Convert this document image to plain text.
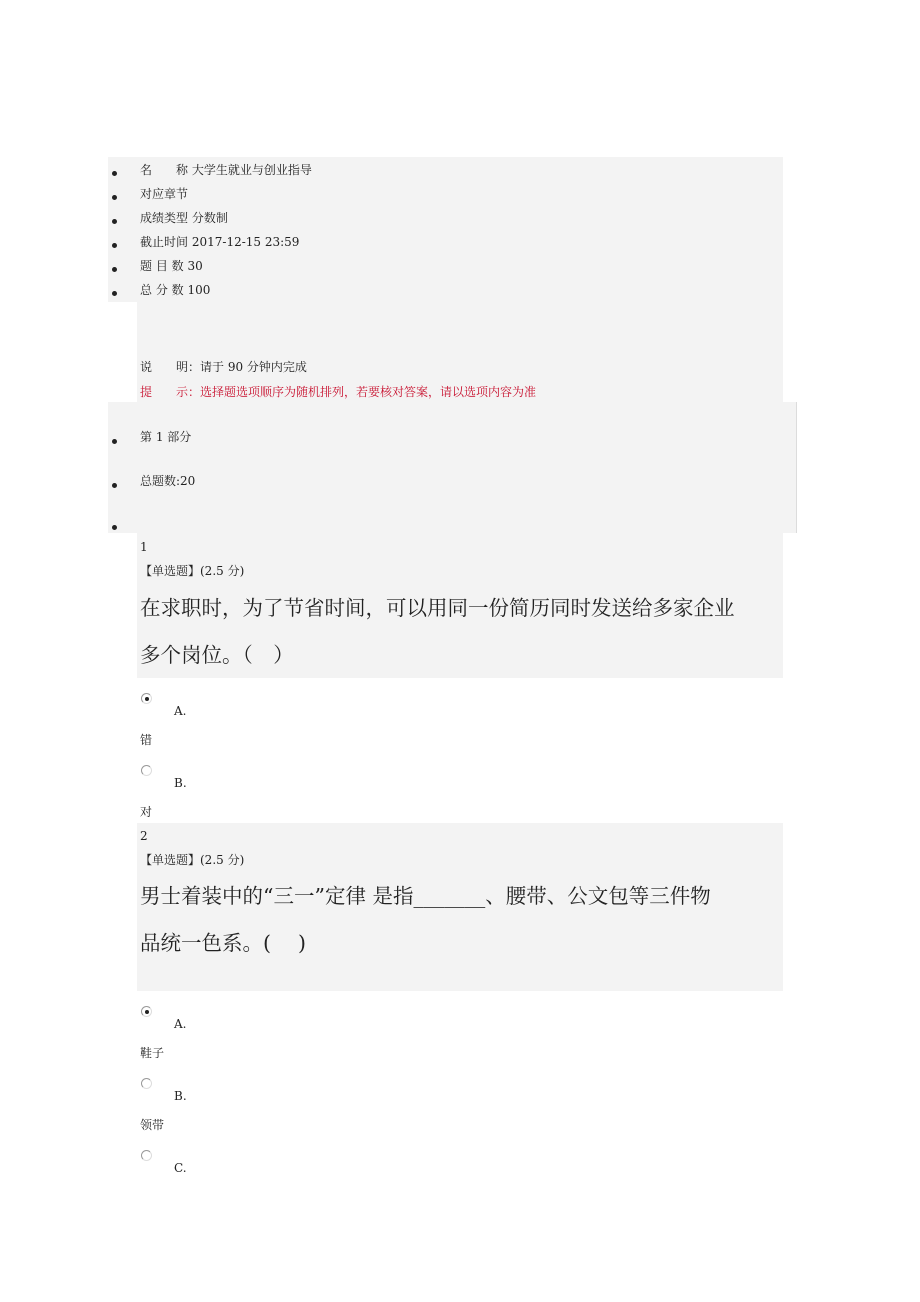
名　　称 大学生就业与创业指导
对应章节
成绩类型 分数制
截止时间 2017-12-15 23:59
题 目 数 30
总 分 数 100
说　　明：请于 90 分钟内完成
提　　示：选择题选项顺序为随机排列，若要核对答案，请以选项内容为准
第 1 部分
总题数:20
1
【单选题】(2.5 分)
在求职时，为了节省时间，可以用同一份简历同时发送给多家企业
多个岗位。（　）
A.
错
B.
对
2
【单选题】(2.5 分)
男士着装中的“三一”定律 是指_______、腰带、公文包等三件物
品统一色系。(　 )
A.
鞋子
B.
领带
C.
